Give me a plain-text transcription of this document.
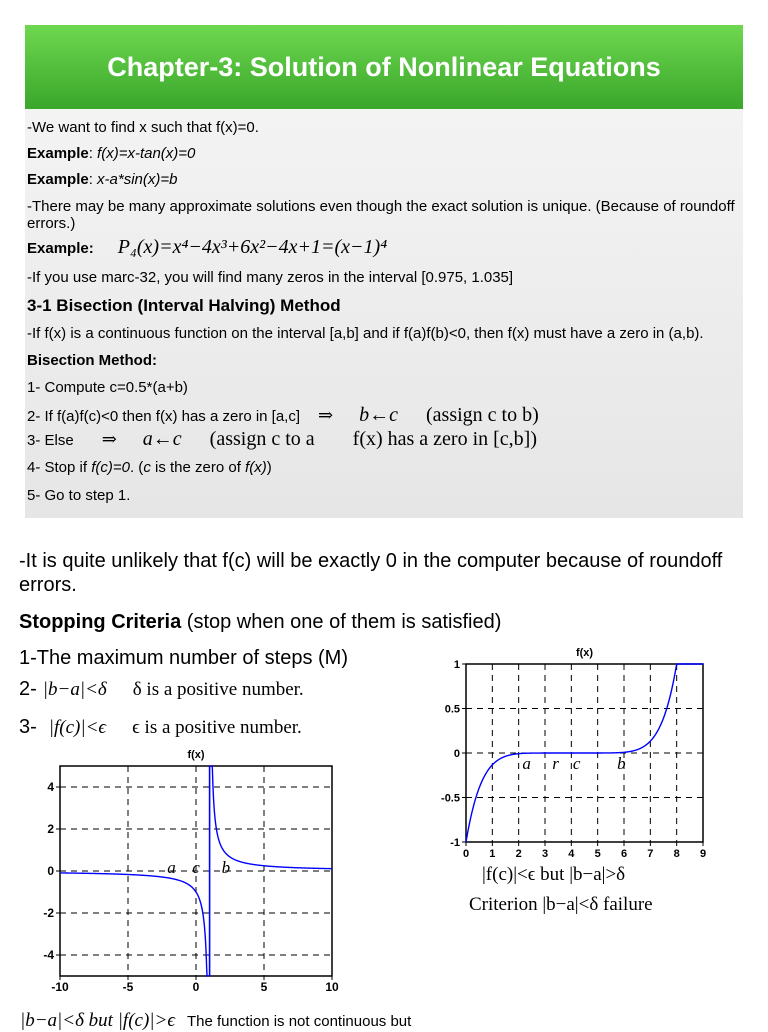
Chapter-3: Solution of Nonlinear Equations
-We want to find x such that f(x)=0.
Example: f(x)=x-tan(x)=0
Example: x-a*sin(x)=b
-There may be many approximate solutions even though the exact solution is unique. (Because of roundoff errors.)
Example: P₄(x)=x⁴−4x³+6x²−4x+1=(x−1)⁴
-If you use marc-32, you will find many zeros in the interval [0.975, 1.035]
3-1 Bisection (Interval Halving) Method
-If f(x) is a continuous function on the interval [a,b] and if f(a)f(b)<0, then f(x) must have a zero in (a,b).
Bisection Method:
1- Compute c=0.5*(a+b)
2- If f(a)f(c)<0 then f(x) has a zero in [a,c] ⇒ b←c (assign c to b)
3- Else ⇒ a←c (assign c to a f(x) has a zero in [c,b])
4- Stop if f(c)=0. (c is the zero of f(x))
5- Go to step 1.
-It is quite unlikely that f(c) will be exactly 0 in the computer because of roundoff errors.
Stopping Criteria (stop when one of them is satisfied)
1-The maximum number of steps (M)
2- |b−a|<δ δ is a positive number.
3- |f(c)|<ϵ ϵ is a positive number.
f(x)
-10	-5	0	5	10
4
2
0
-2
-4
a c b
f(x)
0 1 2 3 4 5 6 7 8 9
1
0.5
0
-0.5
-1
a r c b
|f(c)|<ϵ but |b−a|>δ
Criterion |b−a|<δ failure
|b−a|<δ but |f(c)|>ϵ The function is not continuous but
